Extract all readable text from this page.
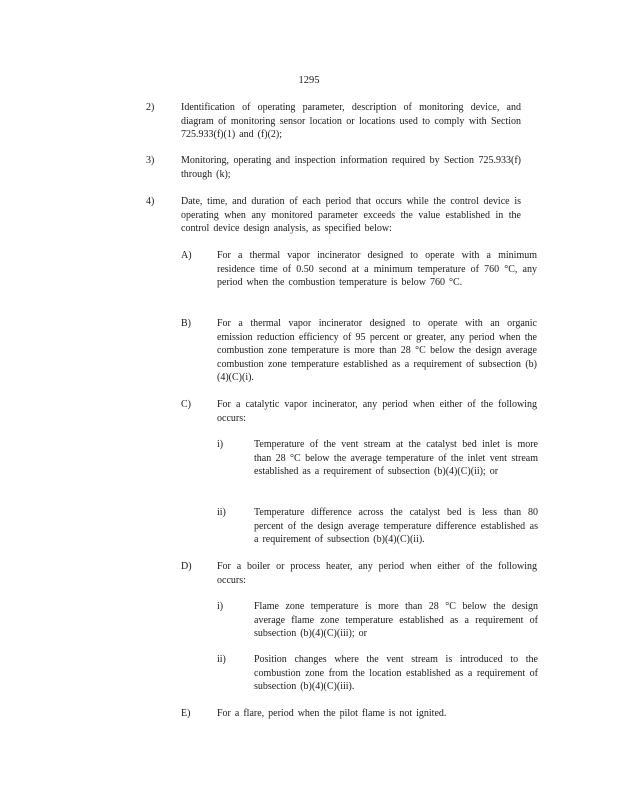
1295
2)	Identification of operating parameter, description of monitoring device, and diagram of monitoring sensor location or locations used to comply with Section 725.933(f)(1) and (f)(2);
3)	Monitoring, operating and inspection information required by Section 725.933(f) through (k);
4)	Date, time, and duration of each period that occurs while the control device is operating when any monitored parameter exceeds the value established in the control device design analysis, as specified below:
A)	For a thermal vapor incinerator designed to operate with a minimum residence time of 0.50 second at a minimum temperature of 760 °C, any period when the combustion temperature is below 760 °C.
B)	For a thermal vapor incinerator designed to operate with an organic emission reduction efficiency of 95 percent or greater, any period when the combustion zone temperature is more than 28 °C below the design average combustion zone temperature established as a requirement of subsection (b)(4)(C)(i).
C)	For a catalytic vapor incinerator, any period when either of the following occurs:
i)	Temperature of the vent stream at the catalyst bed inlet is more than 28 °C below the average temperature of the inlet vent stream established as a requirement of subsection (b)(4)(C)(ii); or
ii)	Temperature difference across the catalyst bed is less than 80 percent of the design average temperature difference established as a requirement of subsection (b)(4)(C)(ii).
D)	For a boiler or process heater, any period when either of the following occurs:
i)	Flame zone temperature is more than 28 °C below the design average flame zone temperature established as a requirement of subsection (b)(4)(C)(iii); or
ii)	Position changes where the vent stream is introduced to the combustion zone from the location established as a requirement of subsection (b)(4)(C)(iii).
E)	For a flare, period when the pilot flame is not ignited.
